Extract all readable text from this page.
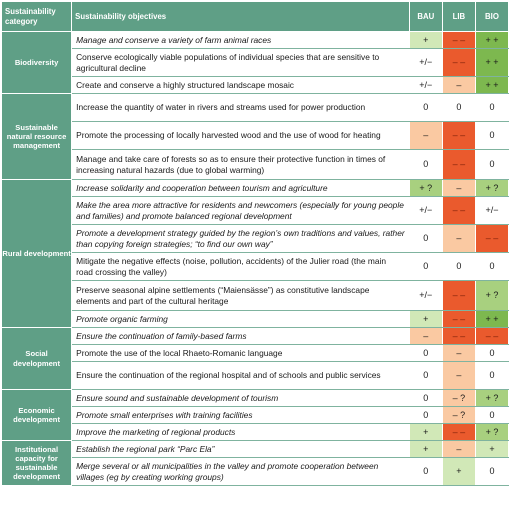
Sustainability category	Sustainability objectives	BAU	LIB	BIO
Biodiversity	Manage and conserve a variety of farm animal races	+	– –	+ +
	Conserve ecologically viable populations of individual species that are sensitive to agricultural decline	+/−	– –	+ +
	Create and conserve a highly structured landscape mosaic	+/−	–	+ +
Sustainable natural resource management	Increase the quantity of water in rivers and streams used for power production	0	0	0
	Promote the processing of locally harvested wood and the use of wood for heating	–	– –	0
	Manage and take care of forests so as to ensure their protective function in times of increasing natural hazards (due to global warming)	0	– –	0
Rural development	Increase solidarity and cooperation between tourism and agriculture	+ ?	–	+ ?
	Make the area more attractive for residents and newcomers (especially for young people and families) and promote balanced regional development	+/−	– –	+/−
	Promote a development strategy guided by the region’s own traditions and values, rather than copying foreign strategies; “to find our own way”	0	–	– –
	Mitigate the negative effects (noise, pollution, accidents) of the Julier road (the main road crossing the valley)	0	0	0
	Preserve seasonal alpine settlements (“Maiensässe”) as constitutive landscape elements and part of the cultural heritage	+/−	– –	+ ?
	Promote organic farming	+	– –	+ +
Social development	Ensure the continuation of family-based farms	–	– –	– –
	Promote the use of the local Rhaeto-Romanic language	0	–	0
	Ensure the continuation of the regional hospital and of schools and public services	0	–	0
Economic development	Ensure sound and sustainable development of tourism	0	– ?	+ ?
	Promote small enterprises with training facilities	0	– ?	0
	Improve the marketing of regional products	+	– –	+ ?
Institutional capacity for sustainable development	Establish the regional park “Parc Ela”	+	–	+
	Merge several or all municipalities in the valley and promote cooperation between villages (eg by creating working groups)	0	+	0
